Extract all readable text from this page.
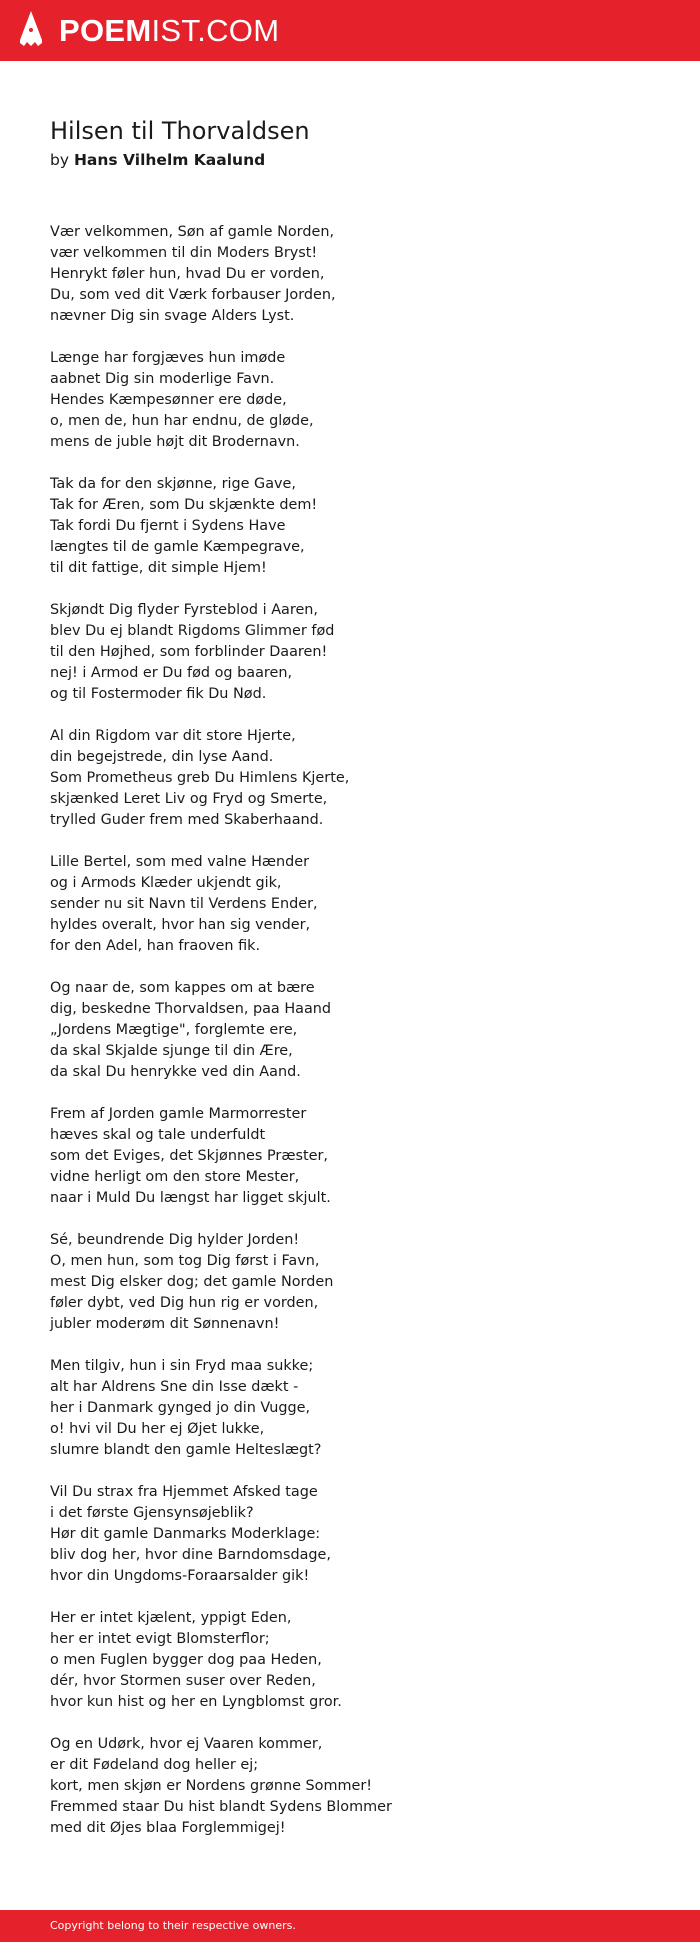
POEMIST.COM
Hilsen til Thorvaldsen
by Hans Vilhelm Kaalund
Vær velkommen, Søn af gamle Norden,
vær velkommen til din Moders Bryst!
Henrykt føler hun, hvad Du er vorden,
Du, som ved dit Værk forbauser Jorden,
nævner Dig sin svage Alders Lyst.
Længe har forgjæves hun imøde
aabnet Dig sin moderlige Favn.
Hendes Kæmpesønner ere døde,
o, men de, hun har endnu, de gløde,
mens de juble højt dit Brodernavn.
Tak da for den skjønne, rige Gave,
Tak for Æren, som Du skjænkte dem!
Tak fordi Du fjernt i Sydens Have
længtes til de gamle Kæmpegrave,
til dit fattige, dit simple Hjem!
Skjøndt Dig flyder Fyrsteblod i Aaren,
blev Du ej blandt Rigdoms Glimmer fød
til den Højhed, som forblinder Daaren!
nej! i Armod er Du fød og baaren,
og til Fostermoder fik Du Nød.
Al din Rigdom var dit store Hjerte,
din begejstrede, din lyse Aand.
Som Prometheus greb Du Himlens Kjerte,
skjænked Leret Liv og Fryd og Smerte,
trylled Guder frem med Skaberhaand.
Lille Bertel, som med valne Hænder
og i Armods Klæder ukjendt gik,
sender nu sit Navn til Verdens Ender,
hyldes overalt, hvor han sig vender,
for den Adel, han fraoven fik.
Og naar de, som kappes om at bære
dig, beskedne Thorvaldsen, paa Haand
„Jordens Mægtige", forglemte ere,
da skal Skjalde sjunge til din Ære,
da skal Du henrykke ved din Aand.
Frem af Jorden gamle Marmorrester
hæves skal og tale underfuldt
som det Eviges, det Skjønnes Præster,
vidne herligt om den store Mester,
naar i Muld Du længst har ligget skjult.
Sé, beundrende Dig hylder Jorden!
O, men hun, som tog Dig først i Favn,
mest Dig elsker dog; det gamle Norden
føler dybt, ved Dig hun rig er vorden,
jubler moderøm dit Sønnenavn!
Men tilgiv, hun i sin Fryd maa sukke;
alt har Aldrens Sne din Isse dækt -
her i Danmark gynged jo din Vugge,
o! hvi vil Du her ej Øjet lukke,
slumre blandt den gamle Helteslægt?
Vil Du strax fra Hjemmet Afsked tage
i det første Gjensynsøjeblik?
Hør dit gamle Danmarks Moderklage:
bliv dog her, hvor dine Barndomsdage,
hvor din Ungdoms-Foraarsalder gik!
Her er intet kjælent, yppigt Eden,
her er intet evigt Blomsterflor;
o men Fuglen bygger dog paa Heden,
dér, hvor Stormen suser over Reden,
hvor kun hist og her en Lyngblomst gror.
Og en Udørk, hvor ej Vaaren kommer,
er dit Fødeland dog heller ej;
kort, men skjøn er Nordens grønne Sommer!
Fremmed staar Du hist blandt Sydens Blommer
med dit Øjes blaa Forglemmigej!
Copyright belong to their respective owners.
